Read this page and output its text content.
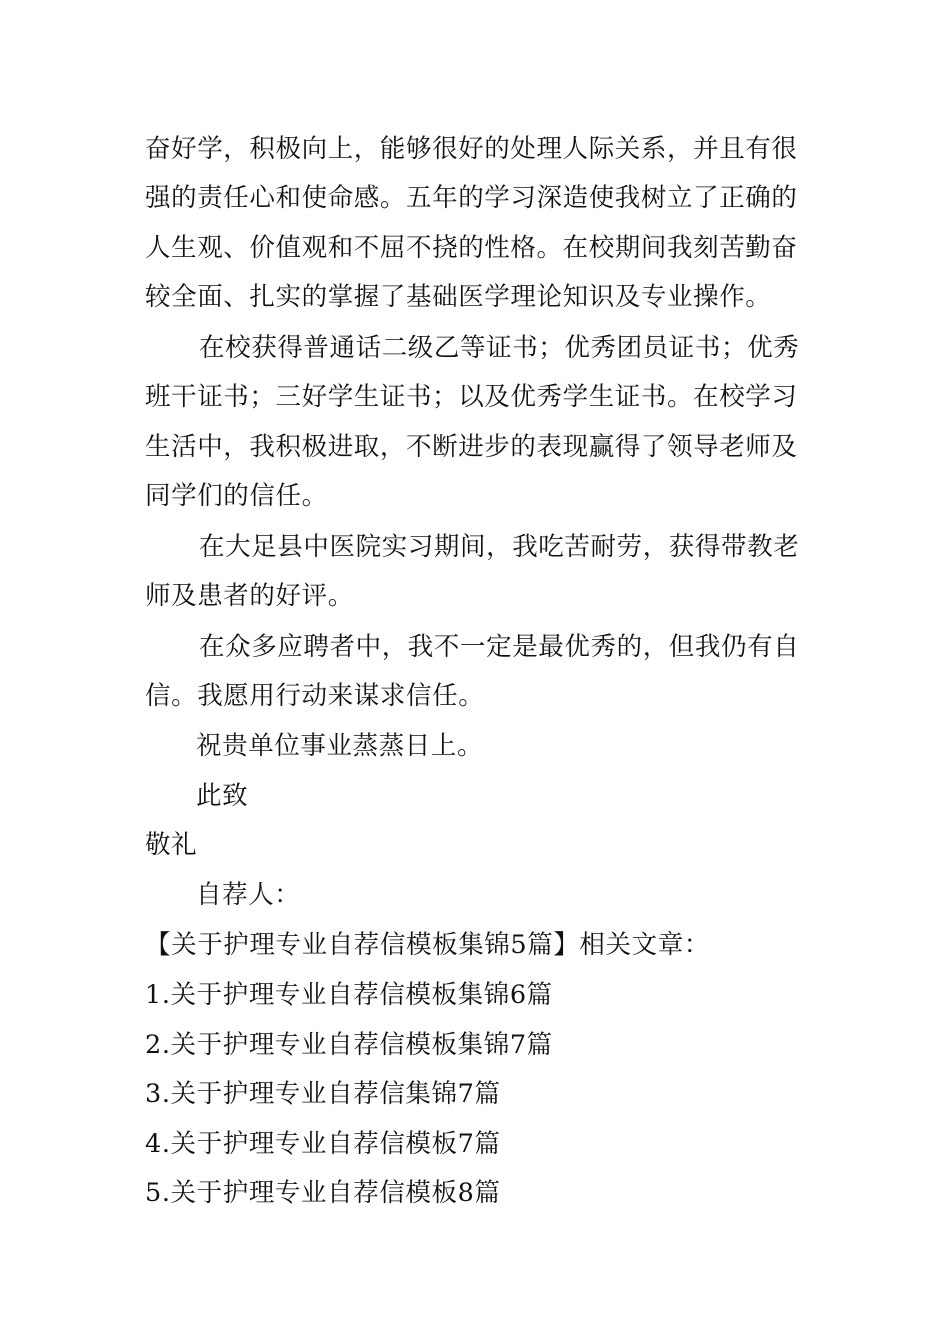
奋好学，积极向上，能够很好的处理人际关系，并且有很
强的责任心和使命感。五年的学习深造使我树立了正确的
人生观、价值观和不屈不挠的性格。在校期间我刻苦勤奋
较全面、扎实的掌握了基础医学理论知识及专业操作。
在校获得普通话二级乙等证书；优秀团员证书；优秀
班干证书；三好学生证书；以及优秀学生证书。在校学习
生活中，我积极进取，不断进步的表现赢得了领导老师及
同学们的信任。
在大足县中医院实习期间，我吃苦耐劳，获得带教老
师及患者的好评。
在众多应聘者中，我不一定是最优秀的，但我仍有自
信。我愿用行动来谋求信任。
祝贵单位事业蒸蒸日上。
此致
敬礼
自荐人：
【关于护理专业自荐信模板集锦5篇】相关文章：
1.关于护理专业自荐信模板集锦6篇
2.关于护理专业自荐信模板集锦7篇
3.关于护理专业自荐信集锦7篇
4.关于护理专业自荐信模板7篇
5.关于护理专业自荐信模板8篇
